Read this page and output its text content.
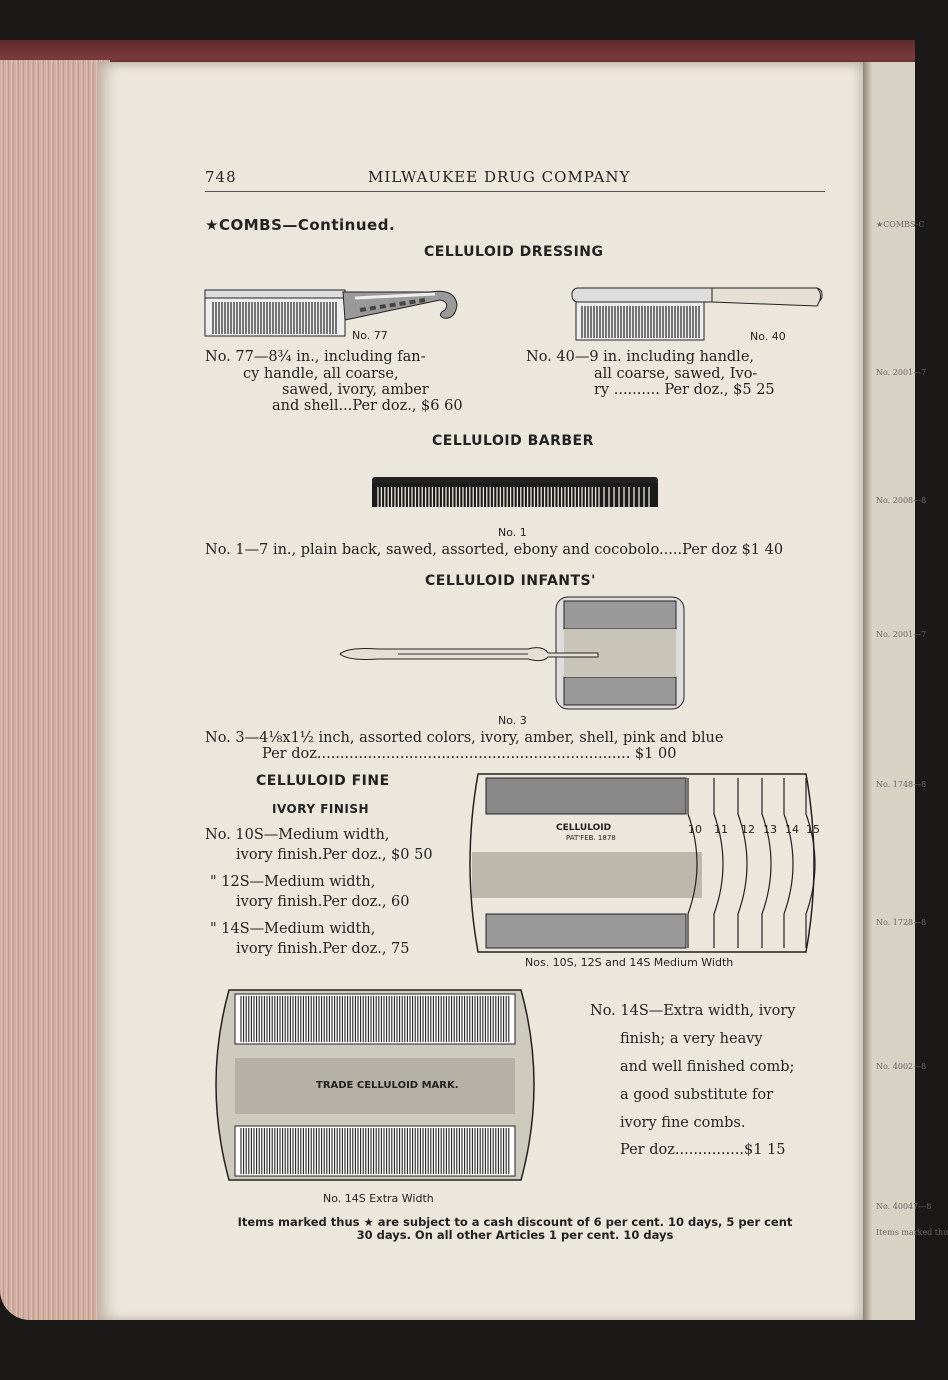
★COMBS-C
No. 2001—7
No. 2008—8
No. 2001—7
No. 1748—8
No. 1728—8
No. 4002—8
No. 40047—8
Items marked thu
748	MILWAUKEE DRUG COMPANY
★COMBS—Continued.
CELLULOID DRESSING
No. 77
No. 77—8¾ in., including fan-
cy handle, all coarse,
sawed, ivory, amber
and shell...Per doz., $6 60
No. 40
No. 40—9 in. including handle,
all coarse, sawed, Ivo-
ry .......... Per doz., $5 25
CELLULOID BARBER
No. 1
No. 1—7 in., plain back, sawed, assorted, ebony and cocobolo.....Per doz $1 40
CELLULOID INFANTS'
No. 3
No. 3—4⅛x1½ inch, assorted colors, ivory, amber, shell, pink and blue
Per doz.................................................................... $1 00
CELLULOID FINE
IVORY FINISH
No. 10S—Medium width,
ivory finish.Per doz., $0 50
" 12S—Medium width,
ivory finish.Per doz., 60
" 14S—Medium width,
ivory finish.Per doz., 75
CELLULOID
PAT'FEB. 1878
10 11 12 13 14 15
Nos. 10S, 12S and 14S Medium Width
TRADE CELLULOID MARK.
No. 14S Extra Width
No. 14S—Extra width, ivory
finish; a very heavy
and well finished comb;
a good substitute for
ivory fine combs.
Per doz...............$1 15
Items marked thus ★ are subject to a cash discount of 6 per cent. 10 days, 5 per cent
30 days. On all other Articles 1 per cent. 10 days
